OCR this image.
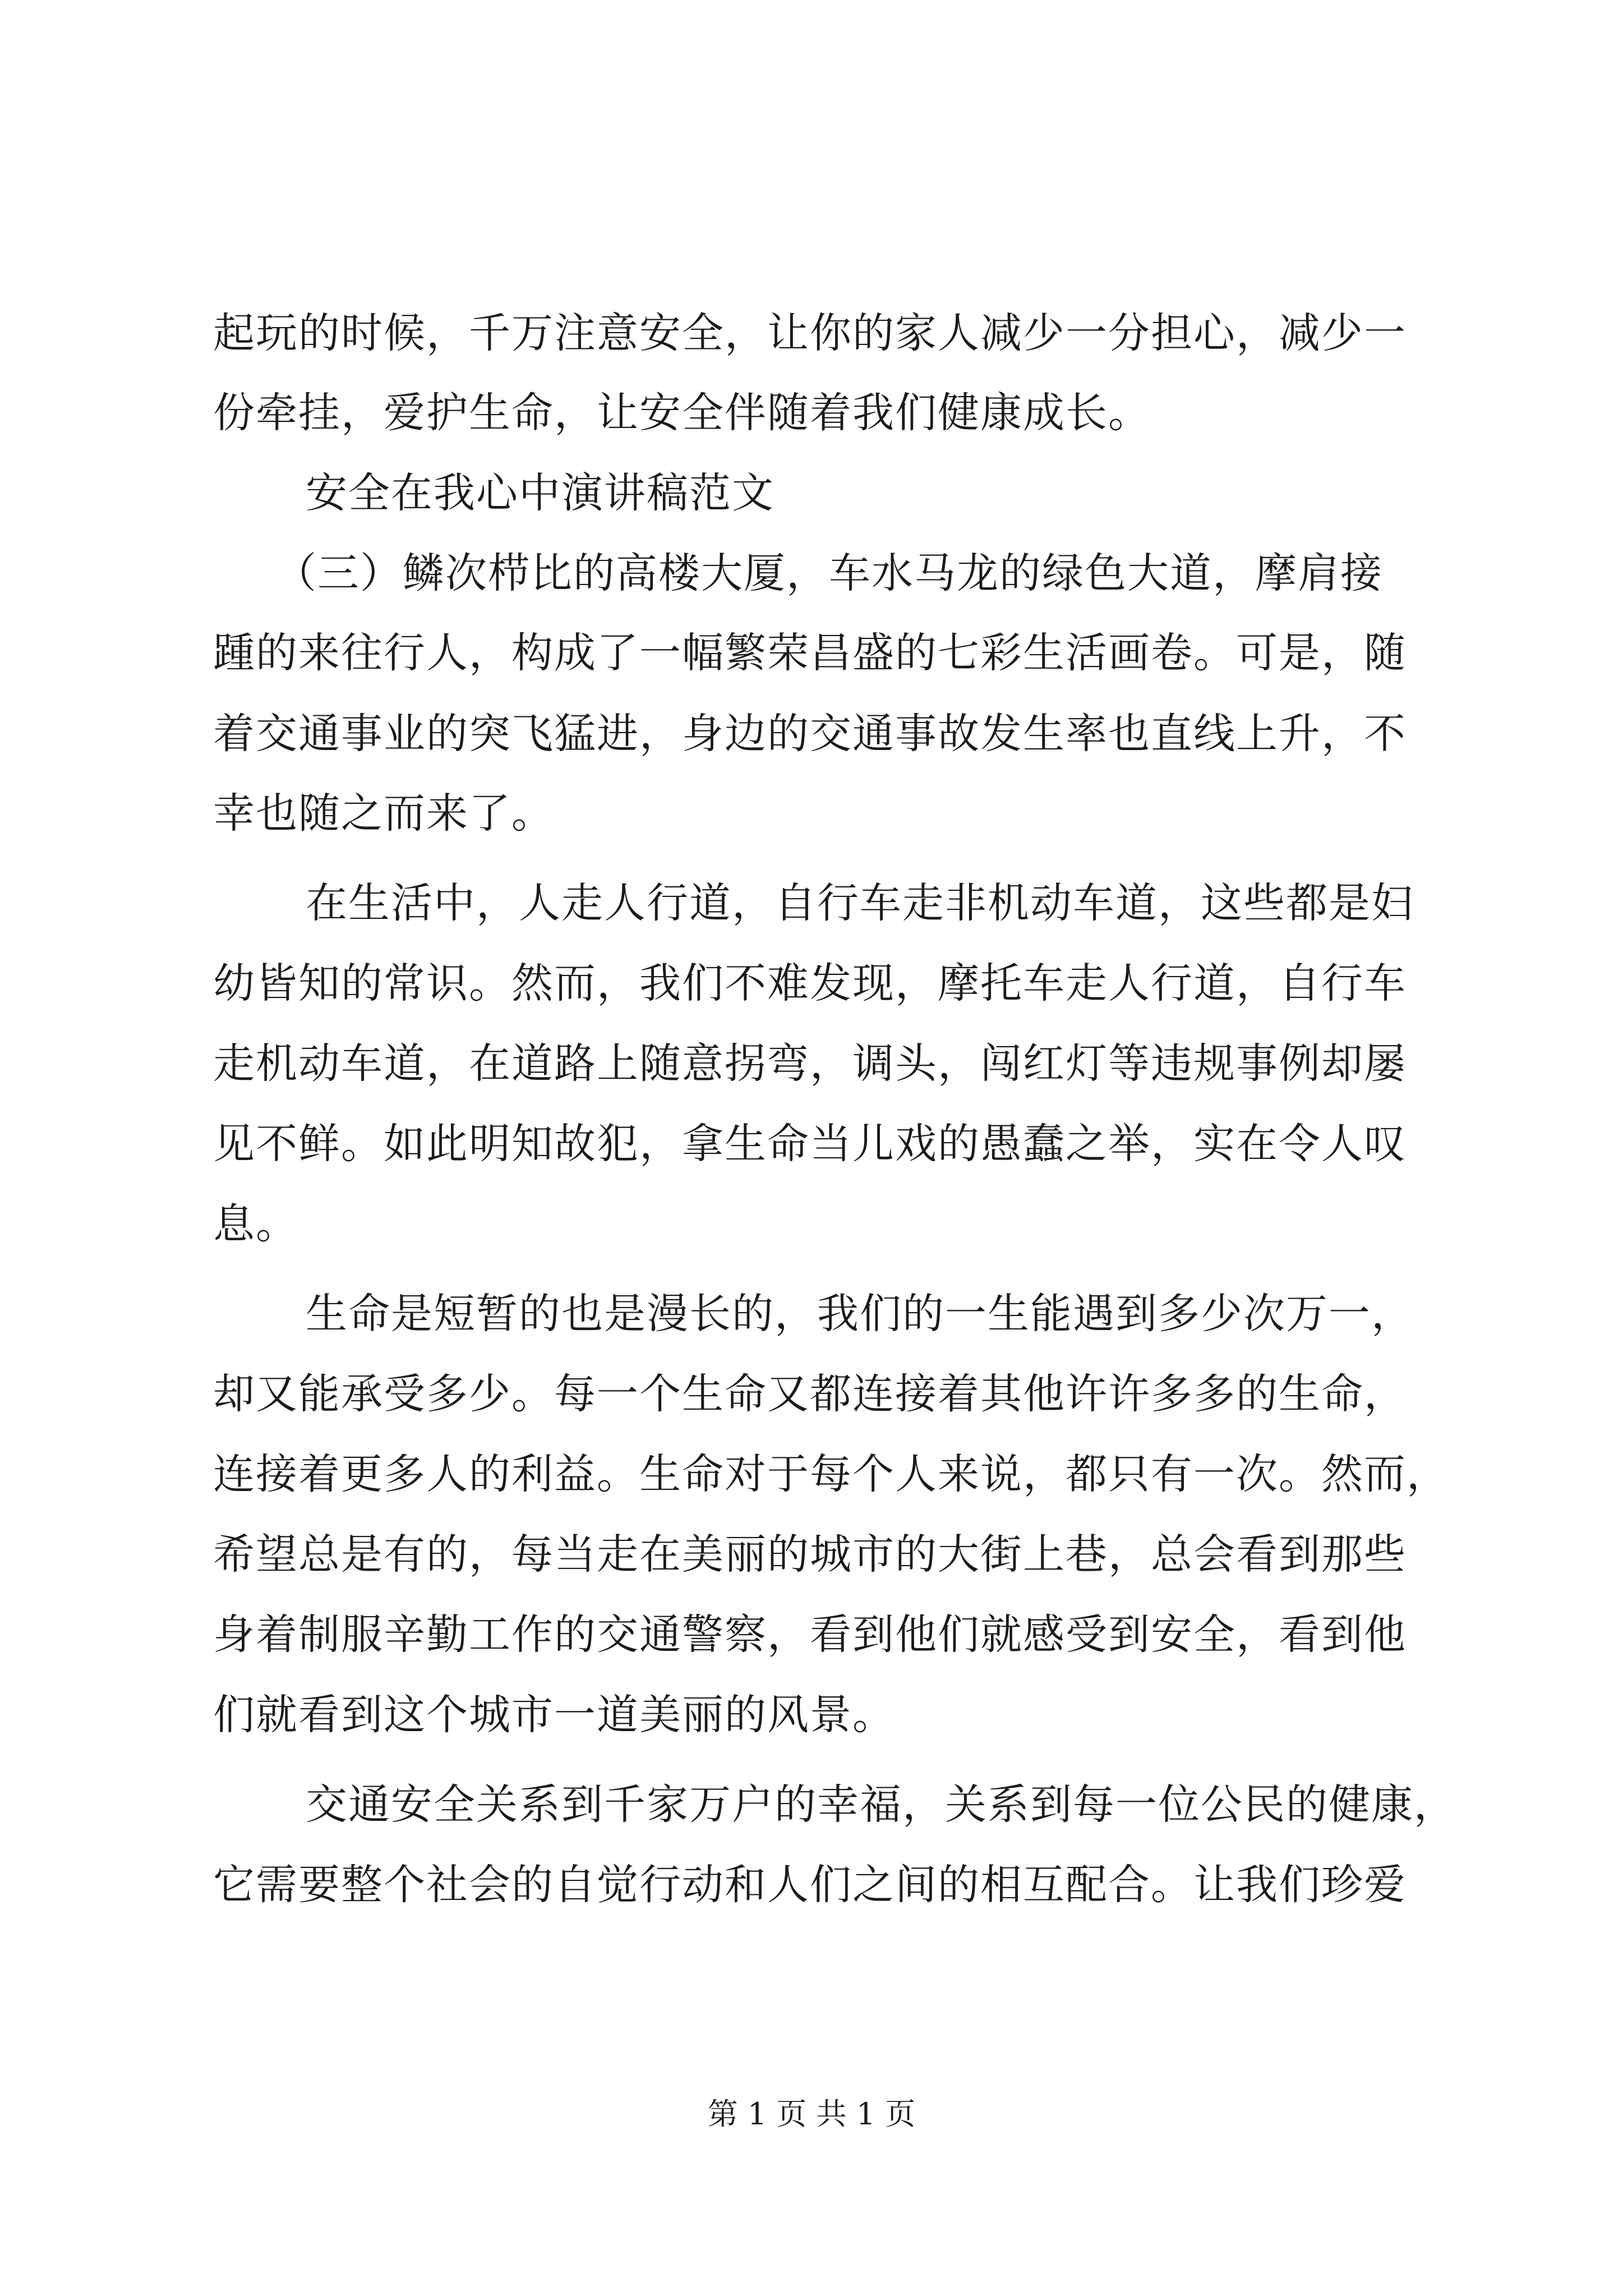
起玩的时候，千万注意安全，让你的家人减少一分担心，减少一
份牵挂，爱护生命，让安全伴随着我们健康成长。
安全在我心中演讲稿范文
（三）鳞次栉比的高楼大厦，车水马龙的绿色大道，摩肩接
踵的来往行人，构成了一幅繁荣昌盛的七彩生活画卷。可是，随
着交通事业的突飞猛进，身边的交通事故发生率也直线上升，不
幸也随之而来了。
在生活中，人走人行道，自行车走非机动车道，这些都是妇
幼皆知的常识。然而，我们不难发现，摩托车走人行道，自行车
走机动车道，在道路上随意拐弯，调头，闯红灯等违规事例却屡
见不鲜。如此明知故犯，拿生命当儿戏的愚蠢之举，实在令人叹
息。
生命是短暂的也是漫长的，我们的一生能遇到多少次万一，
却又能承受多少。每一个生命又都连接着其他许许多多的生命，
连接着更多人的利益。生命对于每个人来说，都只有一次。然而，
希望总是有的，每当走在美丽的城市的大街上巷，总会看到那些
身着制服辛勤工作的交通警察，看到他们就感受到安全，看到他
们就看到这个城市一道美丽的风景。
交通安全关系到千家万户的幸福，关系到每一位公民的健康，
它需要整个社会的自觉行动和人们之间的相互配合。让我们珍爱
第 1 页 共 1 页
